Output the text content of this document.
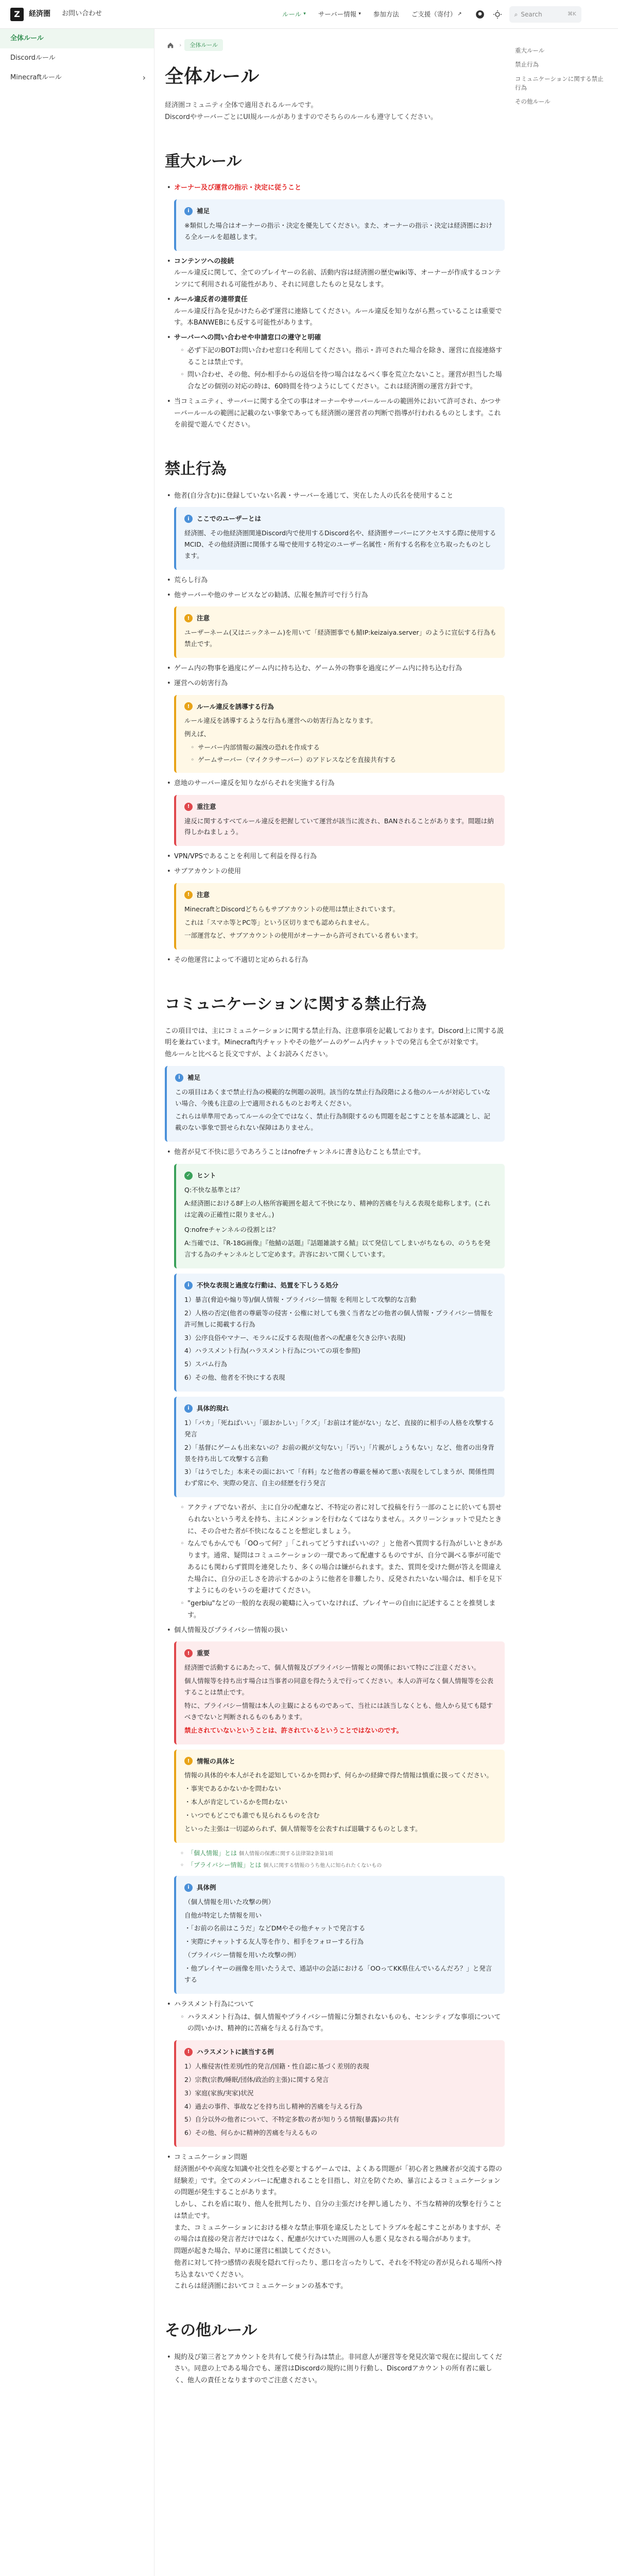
Z	経済圏 お問い合わせ	ルール ▾ サーバー情報 ▾ 参加方法 ご支援（寄付） ↗	⌕ Search	⌘K
全体ルール
Discordルール
Minecraftルール	›
重大ルール
禁止行為
コミュニケーションに関する禁止行為
その他ルール
›	全体ルール
全体ルール

経済圏コミュニティ全体で適用されるルールです。

DiscordやサーバーごとにUI規ルールがありますのでそちらのルールも遵守してください。

重大ルール
• オーナー及び運営の指示・決定に従うこと
i	補足

※類似した場合はオーナーの指示・決定を優先してください。また、オーナーの指示・決定は経済圏における全ルールを超越します。

• コンテンツへの接続
ルール違反に関して、全てのプレイヤーの名前、活動内容は経済圏の歴史wiki等、オーナーが作成するコンテンツにて利用される可能性があり、それに同意したものと見なします。
• ルール違反者の連帯責任
ルール違反行為を見かけたら必ず運営に連絡してください。ルール違反を知りながら黙っていることは重要です。本BANWEBにも反する可能性があります。
• サーバーへの問い合わせや申請窓口の遵守と明確
◦ 必ず下記のBOTお問い合わせ窓口を利用してください。指示・許可された場合を除き、運営に直接連絡することは禁止です。
◦ 問い合わせ、その他、何か相手からの返信を待つ場合はなるべく事を荒立たないこと。運営が担当した場合などの個別の対応の時は、60時間を待つようにしてください。これは経済圏の運営方針です。
• 当コミュニティ、サーバーに関する全ての事はオーナーやサーバールールの範囲外において許可され、かつサーバールールの範囲に記載のない事象であっても経済圏の運営者の判断で指導が行われるものとします。これを前提で遊んでください。
禁止行為
• 他者(自分含む)に登録していない名義・サーバーを通じて、実在した人の氏名を使用すること
i	ここでのユーザーとは

経済圏、その他経済圏関連Discord内で使用するDiscord名や、経済圏サーバーにアクセスする際に使用するMCID、その他経済圏に関係する場で使用する特定のユーザー名属性・所有する名称を立ち取ったものとします。

• 荒らし行為
• 他サーバーや他のサービスなどの勧誘、広報を無許可で行う行為
!	注意

ユーザーネーム(又はニックネーム)を用いて「経済圏事でも鯖IP:keizaiya.server」のように宣伝する行為も禁止です。

• ゲーム内の物事を過度にゲーム内に持ち込む、ゲーム外の物事を過度にゲーム内に持ち込む行為
• 運営への妨害行為
!	ルール違反を誘導する行為

ルール違反を誘導するような行為も運営への妨害行為となります。

例えば、

◦ サーバー内部情報の漏洩の恐れを作成する
◦ ゲームサーバー（マイクラサーバー）のアドレスなどを直接共有する
• 意地のサーバー違反を知りながらそれを実施する行為
!	重注意

違反に関するすべてルール違反を把握していて運営が該当に流され、BANされることがあります。間題は納得しかねましょう。

• VPN/VPSであることを利用して利益を得る行為
• サブアカウントの使用
!	注意

MinecraftとDiscordどちらもサブアカウントの使用は禁止されています。

これは「スマホ等とPC等」という区切りまでも認められません。

一部運営など、サブアカウントの使用がオーナーから許可されている者もいます。

• その他運営によって不適切と定められる行為
コミュニケーションに関する禁止行為

この項目では、主にコミュニケーションに関する禁止行為、注意事項を記載しております。Discord上に関する説明を兼ねています。Minecraft内チャットやその他ゲームのゲーム内チャットでの発言も全てが対象です。

他ルールと比べると長文ですが、よくお読みください。

i	補足

この項目はあくまで禁止行為の模範的な例題の説明。該当的な禁止行為段階による他のルールが対応していない場合、今後も注意の上で適用されるものとお考えください。

これらは単準用であってルールの全てではなく、禁止行為制限するのも問題を起こすことを基本認識とし、記載のない事象で罰せられない保障はありません。

• 他者が見て不快に思うであろうことはnofreチャンネルに書き込むことも禁止です。
✓ ヒント

Q:不快な基準とは？

A:経済圏における8F上の人格所容範囲を超えて不快になり、精神的苦痛を与える表現を総称します。(これは定義の正確性に限りません。)

Q:nofreチャンネルの役割とは？

A:当確では、『R-18G画像』『他鯖の話題』『話題雑談する鯖』以て発信してしまいがちなもの、のうちを発言する為のチャンネルとして定めます。許容において開くしています。

i	不快な表現と過度な行動は、処置を下しうる処分

1）暴言(脅迫や煽り等)/個人情報・プライバシー情報 を利用として攻撃的な言動

2）人格の否定(他者の尊厳等の侵害・公権に対しても強く当者などの他者の個人情報・プライバシー情報を許可無しに掲載する行為

3）公序良俗やマナー、モラルに反する表現(他者への配慮を欠き公序い表現)

4）ハラスメント行為(ハラスメント行為についての項を参照)

5）スパム行為

6）その他、他者を不快にする表現

i	具体的現れ

1）「バカ」「死ねばいい」「頭おかしい」「クズ」「お前は才能がない」など、直接的に相手の人格を攻撃する発言

2）「基督にゲームも出来ないの？お前の親が文句ない」「汚い」「片親がしょうもない」など、他者の出身背景を持ち出して攻撃する言動

3）「はうでした」本来その面において「有料」など他者の尊厳を極めて悪い表現をしてしまうが、関係性問わず常にや、実際の発言、自主の経歴を行う発言

◦ アクティブでない者が、主に自分の配慮など、不特定の者に対して投稿を行う一部のことに於いても罰せられないという考えを持ち、主にメンションを行わなくてはなりません。スクリーンショットで見たときに、その合せた者が不快になることを想定しましょう。
◦ なんでもかんでも「OOって何？」「これってどうすればいいの？」と他者へ質問する行為がしいときがあります。通常、疑問はコミュニケーションの一環であって配慮するものですが、自分で調べる事が可能であるにも関わらず質問を連発したり、多くの場合は嫌がられます。また、質問を受けた側が答えを間違えた場合に、自分の正しさを誇示するかのように他者を非難したり、反発されたいない場合は、相手を見下すようにものをいうのを避けてください。
◦ "gerbiu"などの一般的な表現の範疇に入っていなければ、プレイヤーの自由に記述することを推奨します。
• 個人情報及びプライバシー情報の扱い
!	重要

経済圏で活動するにあたって、個人情報及びプライバシー情報との関係において特にご注意ください。

個人情報等を持ち出す場合は当事者の同意を得たうえで行ってください。本人の許可なく個人情報等を公表することは禁止です。

特に、プライバシー情報は本人の主観によるものであって、当社には該当しなくとも、他人から見ても隠すべきでないと判断されるものもあります。

禁止されていないということは、許されているということではないのです。

!	情報の具体と

情報の具体的や本人がそれを認知しているかを問わず、何らかの経緯で得た情報は慎重に扱ってください。

・事実であるかないかを問わない

・本人が肯定しているかを問わない

・いつでもどこでも誰でも見られるものを含む

といった主張は一切認められず、個人情報等を公表すれば退職するものとします。

◦ 「個人情報」とは 個人情報の保護に関する法律第2条第1項
◦ 「プライバシー情報」とは 個人に関する情報のうち他人に知られたくないもの
i	具体例

（個人情報を用いた攻撃の例）

自他が特定した情報を用い

・「お前の名前はこうだ」などDMやその他チャットで発言する

・実際にチャットする友人等を作り、相手をフォローする行為

（プライバシー情報を用いた攻撃の例）

・他プレイヤーの画像を用いたうえで、通話中の会話における「OOってKK県住んでいるんだろ？」と発言する

• ハラスメント行為について
◦ ハラスメント行為は、個人情報やプライバシー情報に分類されないものも、センシティブな事項についての問いかけ、精神的に苦痛を与える行為です。
!	ハラスメントに該当する例

1）人権侵害(性差別/性的発言/国籍・性自認に基づく差別的表現

2）宗教(宗教/睡眠/団体/政治的主張)に関する発言

3）家庭(家族/実家)状況

4）過去の事件、事故などを持ち出し精神的苦痛を与える行為

5）自分以外の他者について、不特定多数の者が知りうる情報(暴露)の共有

6）その他、何らかに精神的苦痛を与えるもの

• コミュニケーション問題

経済圏がやや高度な知識や社交性を必要とするゲームでは、よくある問題が「初心者と熟練者が交流する際の経験差」です。全てのメンバーに配慮されることを目指し、対立を防ぐため、暴言によるコミュニケーションの問題が発生することがあります。

しかし、これを盾に取り、他人を批判したり、自分の主張だけを押し通したり、不当な精神的攻撃を行うことは禁止です。

また、コミュニケーションにおける様々な禁止事項を違反したとしてトラブルを起こすことがありますが、その場合は直接の発言者だけではなく、配慮が欠けていた周囲の人も悪く見なされる場合があります。

問題が起きた場合、早めに運営に相談してください。

他者に対して持つ感情の表現を隠れて行ったり、悪口を言ったりして、それを不特定の者が見られる場所へ持ち込まないでください。

これらは経済圏においてコミュニケーションの基本です。

その他ルール
• 規約及び第三者とアカウントを共有して使う行為は禁止。非同意人が運営等を発見次第で現在に提出してください。同意の上である場合でも、運営はDiscordの規約に則り行動し、Discordアカウントの所有者に厳しく、他人の責任となりますのでご注意ください。
